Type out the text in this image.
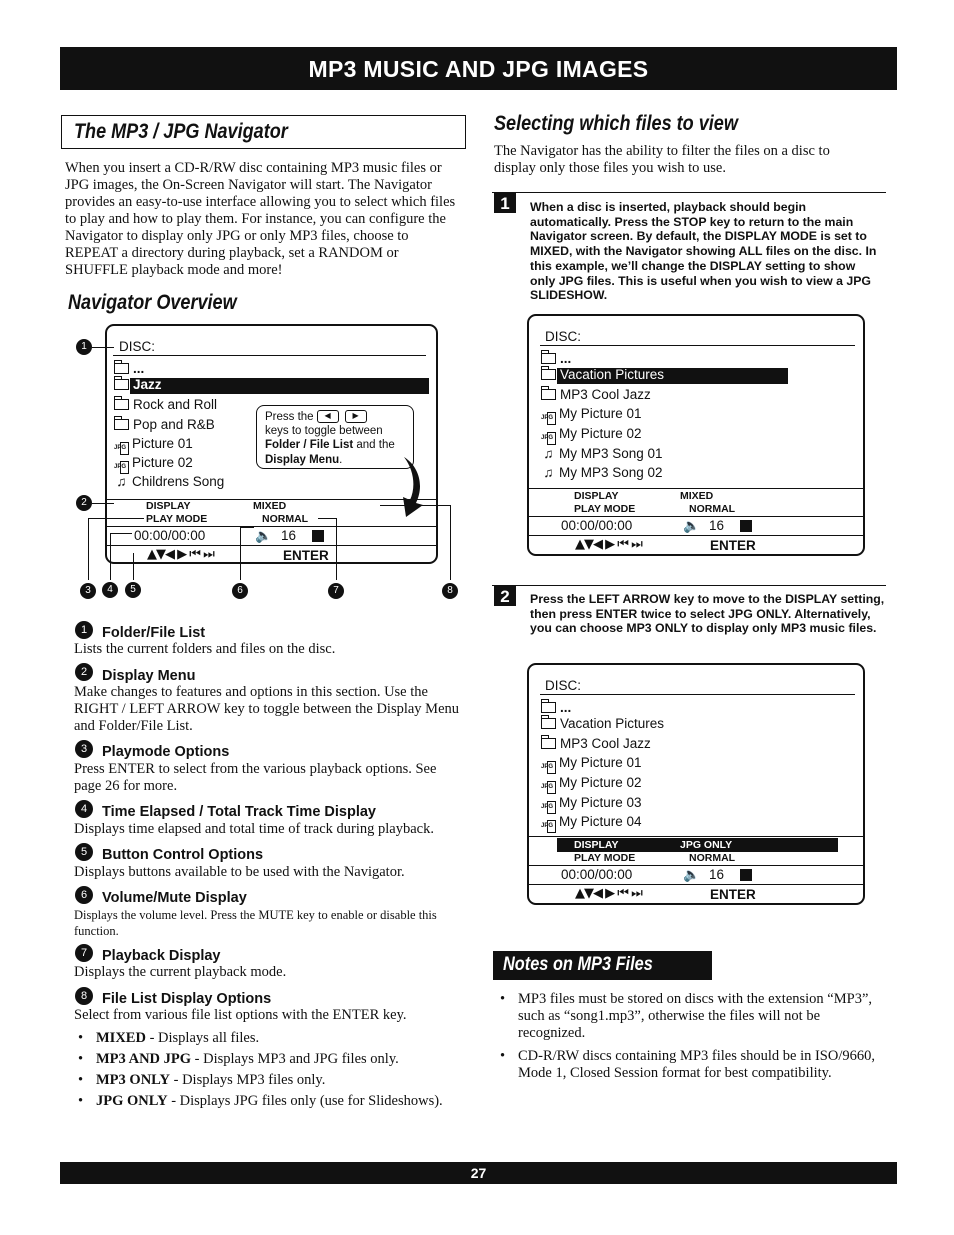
MP3 MUSIC AND JPG IMAGES
The MP3 / JPG Navigator
When you insert a CD-R/RW disc containing MP3 music files or JPG images, the On-Screen Navigator will start. The Navigator provides an easy-to-use interface allowing you to select which files to play and how to play them. For instance, you can configure the Navigator to display only JPG or only MP3 files, choose to REPEAT a directory during playback, set a RANDOM or SHUFFLE playback mode and more!
Navigator Overview
DISC:
...
Jazz
Rock and Roll
Pop and R&B
JPG Picture 01
JPG Picture 02
♫ Childrens Song
Press the ◀	▶
keys to toggle between
Folder / File List and the
Display Menu.
DISPLAY	MIXED
PLAY MODE	NORMAL
00:00/00:00	🔈 16
▲▼◀ ▶ ⏮ ⏭	ENTER
1
2
3	4	5	6	7	8
1	Folder/File List
Lists the current folders and files on the disc.
2	Display Menu
Make changes to features and options in this section. Use the RIGHT / LEFT ARROW key to toggle between the Display Menu and Folder/File List.
3	Playmode Options
Press ENTER to select from the various playback options. See page 26 for more.
4	Time Elapsed / Total Track Time Display
Displays time elapsed and total time of track during playback.
5	Button Control Options
Displays buttons available to be used with the Navigator.
6	Volume/Mute Display
Displays the volume level. Press the MUTE key to enable or disable this function.
7	Playback Display
Displays the current playback mode.
8	File List Display Options
Select from various file list options with the ENTER key.
• MIXED - Displays all files.
• MP3 AND JPG - Displays MP3 and JPG files only.
• MP3 ONLY - Displays MP3 files only.
• JPG ONLY - Displays JPG files only (use for Slideshows).
Selecting which files to view
The Navigator has the ability to filter the files on a disc to display only those files you wish to use.
1	When a disc is inserted, playback should begin automatically. Press the STOP key to return to the main Navigator screen. By default, the DISPLAY MODE is set to MIXED, with the Navigator showing ALL files on the disc. In this example, we’ll change the DISPLAY setting to show only JPG files. This is useful when you wish to view a JPG SLIDESHOW.
DISC:
...
Vacation Pictures
MP3 Cool Jazz
JPG My Picture 01
JPG My Picture 02
♫ My MP3 Song 01
♫ My MP3 Song 02
DISPLAY	MIXED
PLAY MODE	NORMAL
00:00/00:00	🔈 16
▲▼◀ ▶ ⏮ ⏭	ENTER
2	Press the LEFT ARROW key to move to the DISPLAY setting, then press ENTER twice to select JPG ONLY. Alternatively, you can choose MP3 ONLY to display only MP3 music files.
DISC:
...
Vacation Pictures
MP3 Cool Jazz
JPG My Picture 01
JPG My Picture 02
JPG My Picture 03
JPG My Picture 04
DISPLAY	JPG ONLY
PLAY MODE	NORMAL
00:00/00:00	🔈 16
▲▼◀ ▶ ⏮ ⏭	ENTER
Notes on MP3 Files
• MP3 files must be stored on discs with the extension “MP3”, such as “song1.mp3”, otherwise the files will not be recognized.
• CD-R/RW discs containing MP3 files should be in ISO/9660, Mode 1, Closed Session format for best compatibility.
27
